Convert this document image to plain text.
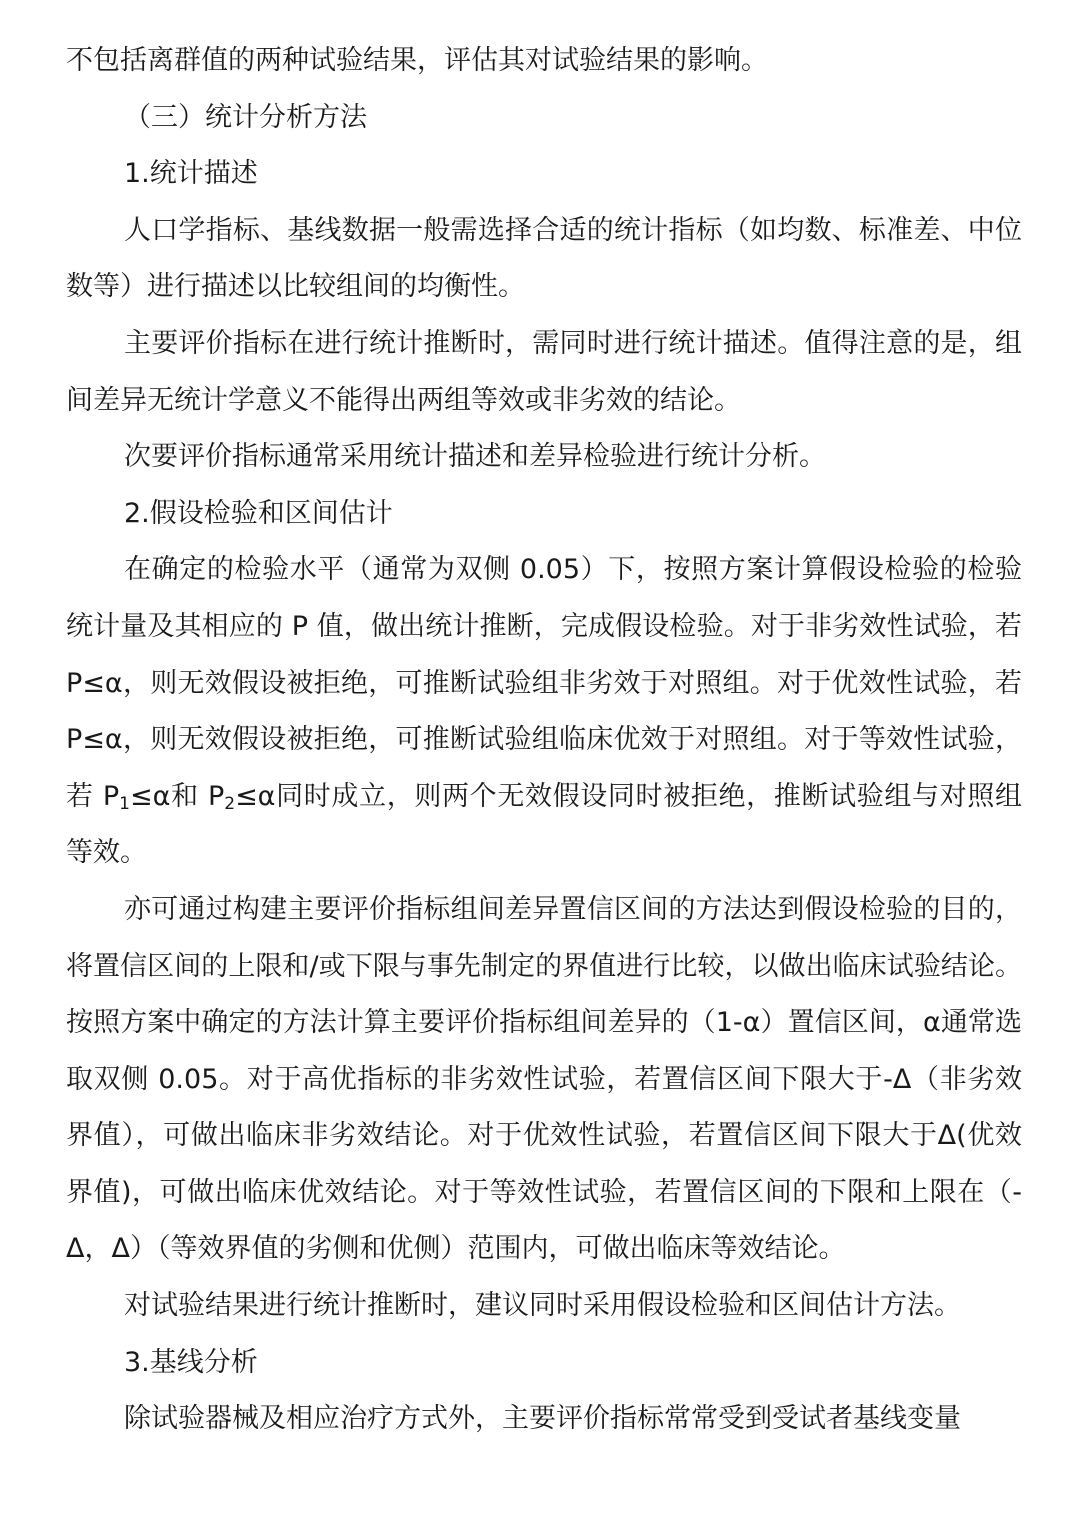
不包括离群值的两种试验结果，评估其对试验结果的影响。

（三）统计分析方法

1.统计描述

人口学指标、基线数据一般需选择合适的统计指标（如均数、标准差、中位数等）进行描述以比较组间的均衡性。

主要评价指标在进行统计推断时，需同时进行统计描述。值得注意的是，组间差异无统计学意义不能得出两组等效或非劣效的结论。

次要评价指标通常采用统计描述和差异检验进行统计分析。

2.假设检验和区间估计

在确定的检验水平（通常为双侧 0.05）下，按照方案计算假设检验的检验统计量及其相应的 P 值，做出统计推断，完成假设检验。对于非劣效性试验，若 P≤α，则无效假设被拒绝，可推断试验组非劣效于对照组。对于优效性试验，若 P≤α，则无效假设被拒绝，可推断试验组临床优效于对照组。对于等效性试验，若 $P_1\le\alpha$和 $P_2\le\alpha$同时成立，则两个无效假设同时被拒绝，推断试验组与对照组等效。

亦可通过构建主要评价指标组间差异置信区间的方法达到假设检验的目的，将置信区间的上限和/或下限与事先制定的界值进行比较，以做出临床试验结论。按照方案中确定的方法计算主要评价指标组间差异的（1-α）置信区间，α通常选取双侧 0.05。对于高优指标的非劣效性试验，若置信区间下限大于-Δ（非劣效界值），可做出临床非劣效结论。对于优效性试验，若置信区间下限大于Δ(优效界值)，可做出临床优效结论。对于等效性试验，若置信区间的下限和上限在（-Δ，Δ）（等效界值的劣侧和优侧）范围内，可做出临床等效结论。

对试验结果进行统计推断时，建议同时采用假设检验和区间估计方法。

3.基线分析

除试验器械及相应治疗方式外，主要评价指标常常受到受试者基线变量
